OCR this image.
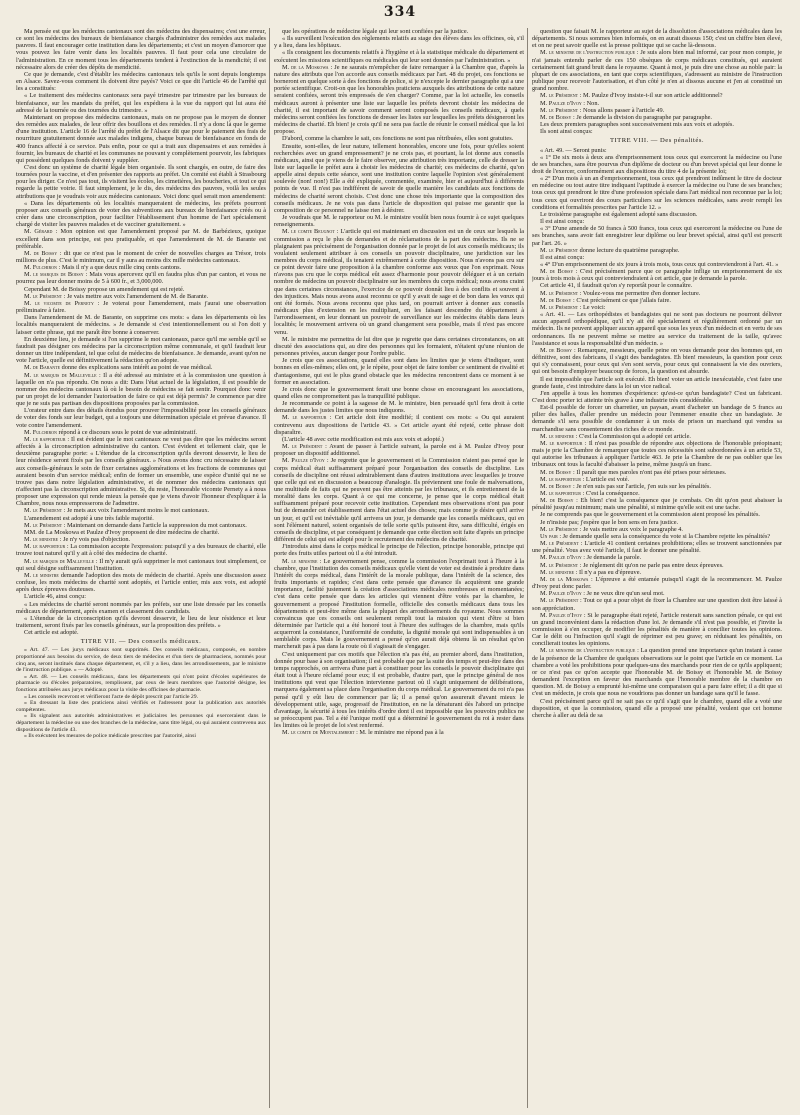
334

Ma pensée est que les médecins cantonaux sont des médecins des dispensaires; c'est une erreur, ce sont les médecins des bureaux de bienfaisance chargés d'administrer des remèdes aux malades pauvres. Il faut encourager cette institution dans les départements; et c'est un moyen d'amorcer que vous pouvez les faire venir dans les localités pauvres. Il faut pour cela une circulaire de l'administration. En ce moment tous les départements tendent à l'extinction de la mendicité; il est nécessaire alors de créer des dépôts de mendicité.

Ce que je demande, c'est d'établir les médecins cantonaux tels qu'ils le sont depuis longtemps en Alsace. Savez-vous comment ils doivent être payés? Voici ce que dit l'article 46 de l'arrêté qui les a constitués:

« Le traitement des médecins cantonaux sera payé trimestre par trimestre par les bureaux de bienfaisance, sur les mandats du préfet, qui les expédiera à la vue du rapport qui lui aura été adressé de la tournée ou des tournées du trimestre. »

Maintenant on propose des médecins cantonaux, mais on ne propose pas le moyen de donner des remèdes aux malades, de leur offrir des bouillons et des remèdes. Il n'y a donc là que le germe d'une institution. L'article 16 de l'arrêté du préfet de l'Alsace dit que pour le paiement des frais de nourriture gratuitement donnée aux malades indigens, chaque bureau de bienfaisance en fonds de 400 francs affecté à ce service. Puis enfin, pour ce qui a trait aux dispensaires et aux remèdes à fournir, les bureaux de charité et les communes ne pouvant y complètement pourvoir, les fabriques qui possèdent quelques fonds doivent y suppléer.

C'est donc un système de charité légale bien organisée. Ils sont chargés, en outre, de faire des tournées pour la vaccine, et d'en présenter des rapports au préfet. Un comité est établi à Strasbourg pour les diriger. Ce n'est pas tout, ils visitent les écoles, les cimetières, les boucheries, et tout ce qui regarde la petite voirie. Il faut simplement, je le dis, des médecins des pauvres, voilà les seules attributions que je voudrais voir aux médecins cantonaux. Voici donc quel serait mon amendement:

« Dans les départements où les localités manqueraient de médecins, les préfets pourront proposer aux conseils généraux de voter des subventions aux bureaux de bienfaisance créés ou à créer dans une circonscription, pour faciliter l'établissement d'un homme de l'art spécialement chargé de visiter les pauvres malades et de vacciner gratuitement. »

M. Gérard : Mon opinion est que l'amendement proposé par M. de Barbézieux, quoique excellent dans son principe, est peu pratiquable, et que l'amendement de M. de Barante est préférable.

M. de Boissy : dit que ce n'est pas le moment de créer de nouvelles charges au Trésor, trois millions de plus. C'est le minimum, car il y aura au moins dix mille médecins cantonaux.

M. Fulchiron : Mais il n'y a que deux mille cinq cents cantons.

M. le marquis de Boissy : Mais vous apercevez qu'il en faudra plus d'un par canton, et vous ne pourrez pas leur donner moins de 5 à 600 fr., et 3,000,000.

Cependant M. de Boissy propose un amendement qui est rejeté.

M. le Président : Je vais mettre aux voix l'amendement de M. de Barante.

M. le vicomte de Pernety : Je voterai pour l'amendement, mais j'aurai une observation préliminaire à faire.

Dans l'amendement de M. de Barante, on supprime ces mots: « dans les départements où les localités manqueraient de médecins. » Je demande si c'est intentionnellement ou si l'on doit y laisser cette phrase, qui me paraît être bonne à conserver.

En deuxième lieu, je demande si l'on supprime le mot cantonaux, parce qu'il me semble qu'il se faudrait pas désigner ces médecins par la circonscription même communale, et qu'il faudrait leur donner un titre indépendant, tel que celui de médecins de bienfaisance. Je demande, avant qu'on ne vote l'article, quelle est définitivement la rédaction qu'on adopte.

M. de Barante donne des explications sans intérêt au point de vue médical.

M. le marquis de Malleville : Il a été adressé au ministre et à la commission une question à laquelle on n'a pas répondu. On nous a dit: Dans l'état actuel de la législation, il est possible de nommer des médecins cantonaux là où le besoin de médecins se fait sentir. Pourquoi donc venir par un projet de loi demander l'autorisation de faire ce qui est déjà permis? Je commence par dire que je ne suis pas partisan des dispositions proposées par la commission.

L'orateur entre dans des détails étendus pour prouver l'impossibilité pour les conseils généraux de voter des fonds sur leur budget, qui a toujours une détermination spéciale et prévue d'avance. Il vote contre l'amendement.

M. Fulchiron répond à ce discours sous le point de vue administratif.

M. le rapporteur : Il est évident que le mot cantonaux ne veut pas dire que les médecins seront affectés à la circonscription administrative du canton. C'est évident et tellement clair, que le deuxième paragraphe porte: « L'étendue de la circonscription qu'ils devront desservir, le lieu de leur résidence seront fixés par les conseils généraux. » Nous avons donc cru nécessaire de laisser aux conseils-généraux le soin de fixer certaines agglomérations et les fractions de communes qui auraient besoin d'un service médical; enfin de former un ensemble, une espèce d'unité qui ne se trouve pas dans notre législation administrative, et de nommer des médecins cantonaux qui n'affectent pas la circonscription administrative. Si, du reste, l'honorable vicomte Pernety a à nous proposer une expression qui rende mieux la pensée que je viens d'avoir l'honneur d'expliquer à la Chambre, nous nous empresserons de l'admettre.

M. le Président : Je mets aux voix l'amendement moins le mot cantonaux.

L'amendement est adopté à une très faible majorité.

M. le Président : Maintenant on demande dans l'article la suppression du mot cantonaux.

MM. de La Moskowa et Paulze d'Ivoy proposent de dire médecins de charité.

M. le ministre : Je n'y vois pas d'objection.

M. le rapporteur : La commission accepte l'expression: puisqu'il y a des bureaux de charité, elle trouve tout naturel qu'il y ait à côté des médecins de charité.

M. le marquis de Malleville : Il m'y aurait qu'à supprimer le mot cantonaux tout simplement, ce qui seul désigne suffisamment l'institution.

M. le ministre demande l'adoption des mots de médecin de charité. Après une discussion assez confuse, les mots médecins de charité sont adoptés, et l'article entier, mis aux voix, est adopté après deux épreuves douteuses.

L'article 46, ainsi conçu:

« Les médecins de charité seront nommés par les préfets, sur une liste dressée par les conseils médicaux de département, après examen et classement des candidats.

« L'étendue de la circonscription qu'ils devront desservir, le lieu de leur résidence et leur traitement, seront fixés par les conseils généraux, sur la proposition des préfets. »

Cet article est adopté.

TITRE VII. — Des conseils médicaux.

« Art. 47. — Les jurys médicaux sont supprimés. Des conseils médicaux, composés, en nombre proportionné aux besoins du service, de deux tiers de médecins et d'un tiers de pharmaciens, nommés pour cinq ans, seront institués dans chaque département, et, s'il y a lieu, dans les arrondissements, par le ministre de l'instruction publique. » — Adopté.

« Art. 48. — Les conseils médicaux, dans les départements qui n'ont point d'écoles supérieures de pharmacie ou d'écoles préparatoires, remplissent, par ceux de leurs membres que l'autorité désigne, les fonctions attribuées aux jurys médicaux pour la visite des officines de pharmacie.

« Les conseils recevront et vérifieront l'acte de dépôt prescrit par l'article 29.

« En dressant la liste des praticiens ainsi vérifiés et l'adressent pour la publication aux autorités compétentes.

« Ils signalent aux autorités administratives et judiciaires les personnes qui exerceraient dans le département la médecine ou une des branches de la médecine, sans titre légal, ou qui auraient contrevenu aux dispositions de l'article 43.

« Ils exécutent les mesures de police médicale prescrites par l'autorité, ainsi

que les opérations de médecine légale qui leur sont confiées par la justice.

« Ils surveillent l'exécution des règlements relatifs au stage des élèves dans les officines, où, s'il y a lieu, dans les hôpitaux.

« Ils consignent les documents relatifs à l'hygiène et à la statistique médicale du département et exécutent les missions scientifiques ou médicales qui leur sont données par l'administration. »

M. de la Moskowa : Je ne saurais m'empêcher de faire remarquer à la Chambre que, d'après la nature des attributs que l'on accorde aux conseils médicaux par l'art. 48 du projet, ces fonctions se borneront en quelque sorte à des fonctions de police, si je n'excepte le dernier paragraphe qui a une portée scientifique. Croit-on que les honorables praticiens auxquels des attributions de cette nature seraient confiées, seront très empressés de s'en charger? Comme, par la loi actuelle, les conseils médicaux auront à présenter une liste sur laquelle les préfets devront choisir les médecins de charité, il est important de savoir comment seront composés les conseils médicaux, à quels médecins seront confiées les fonctions de dresser les listes sur lesquelles les préfets désigneront les médecins de charité. Eh bien! je crois qu'il ne sera pas facile de réunir le conseil médical que la loi propose.

D'abord, comme la chambre le sait, ces fonctions ne sont pas rétribuées, elles sont gratuites.

Ensuite, sont-elles, de leur nature, tellement honorables, encore une fois, pour qu'elles soient recherchées avec un grand empressement? je ne crois pas, et pourtant, la loi donne aux conseils médicaux, ainsi que je viens de le faire observer, une attribution très importante, celle de dresser la liste sur laquelle le préfet aura à choisir les médecins de charité; ces médecins de charité, qu'on appelle ainsi depuis cette séance, sont une institution contre laquelle l'opinion s'est généralement soulevée (non! non!) Elle a été expliquée, commentée, examinée, hier et aujourd'hui à différents points de vue. Il n'est pas indifférent de savoir de quelle manière les candidats aux fonctions de médecins de charité seront choisis. C'est donc une chose très importante que la composition des conseils médicaux. Je ne vois pas dans l'article de disposition qui puisse me garantir que la composition de ce personnel ne laisse rien à désirer.

Je voudrais que M. le rapporteur ou M. le ministre voulût bien nous fournir à ce sujet quelques renseignements.

M. le comte Beugnot : L'article qui est maintenant en discussion est un de ceux sur lesquels la commission a reçu le plus de demandes et de réclamations de la part des médecins. Ils ne se plaignaient pas précisément de l'organisation donnée par le projet de loi aux conseils médicaux; ils voulaient seulement attribuer à ces conseils un pouvoir disciplinaire, une juridiction sur les membres du corps médical, ils tenaient extrêmement à cette disposition. Nous n'avons pas cru sur ce point devoir faire une proposition à la chambre conforme aux vœux que l'on exprimait. Nous n'avons pas cru que le corps médical eût assez d'harmonie pour pouvoir déléguer et à un certain nombre de médecins un pouvoir disciplinaire sur les membres du corps médical; nous avons craint que dans certaines circonstances, l'exercice de ce pouvoir donnât lieu à des conflits et souvent à des injustices. Mais nous avons aussi reconnu ce qu'il y avait de sage et de bon dans les vœux qui ont été formés. Nous avons reconnu que plus tard, on pourrait arriver à donner aux conseils médicaux plus d'extension en les multipliant, en les faisant descendre du département à l'arrondissement, en leur donnant un pouvoir de surveillance sur les médecins établis dans leurs localités; le mouvement arrivera où un grand changement sera possible, mais il n'est pas encore venu.

M. le ministre me permettra de lui dire que je regrette que dans certaines circonstances, on ait discuté des associations qui, au dire des personnes qui les formaient, n'étaient qu'une réunion de personnes privées, aucun danger pour l'ordre public.

Je crois que ces associations, quand elles sont dans les limites que je viens d'indiquer, sont bonnes en elles-mêmes; elles ont, je le répète, pour objet de faire tomber ce sentiment de rivalité et d'antagonisme, qui est le plus grand obstacle que les médecins rencontrent dans ce moment à se former en association.

Je crois donc que le gouvernement ferait une bonne chose en encourageant les associations, quand elles ne compromettent pas la tranquillité publique.

Je recommande ce point à la sagesse de M. le ministre, bien persuadé qu'il fera droit à cette demande dans les justes limites que nous indiquons.

M. le rapporteur : Cet article doit être modifié; il contient ces mots: « Ou qui auraient contrevenu aux dispositions de l'article 43. » Cet article ayant été rejeté, cette phrase doit disparaître.

(L'article 48 avec cette modification est mis aux voix et adopté.)

M. le Président : Avant de passer à l'article suivant, la parole est à M. Paulze d'Ivoy pour proposer un dispositif additionnel.

M. Paulze d'Ivoy : Je regrette que le gouvernement et la Commission n'aient pas pensé que le corps médical était suffisamment préparé pour l'organisation des conseils de discipline. Les conseils de discipline ont réussi admirablement dans d'autres institutions avec lesquelles je trouve que celle qui est en discussion a beaucoup d'analogie. Ils préviennent une foule de malversations, une multitude de faits qui ne peuvent pas être atteints par les tribunaux, et ils entretiennent de la moralité dans les corps. Quant à ce qui me concerne, je pense que le corps médical était suffisamment préparé pour recevoir cette institution. Cependant mes observations n'ont pas pour but de demander cet établissement dans l'état actuel des choses; mais comme je désire qu'il arrive un jour, et qu'il est inévitable qu'il arrivera un jour, je demande que les conseils médicaux, qui en sont l'élément naturel, soient organisés de telle sorte qu'ils puissent être, sans difficulté, érigés en conseils de discipline, et par conséquent je demande que cette élection soit faite d'après un principe différent de celui qui est adopté pour le recrutement des médecins de charité.

J'introduis ainsi dans le corps médical le principe de l'élection, principe honorable, principe qui porte des fruits utiles partout où il a été introduit.

M. le ministre : Le gouvernement pense, comme la commission l'exprimait tout à l'heure à la chambre, que l'institution des conseils médicaux qu'elle vient de voter est destinée à produire dans l'intérêt du corps médical, dans l'intérêt de la morale publique, dans l'intérêt de la science, des fruits importants et rapides; c'est dans cette pensée que d'avance ils acquièrent une grande importance, facilité justement la création d'associations médicales nombreuses et momentanées; c'est dans cette pensée que dans les articles qui viennent d'être votés par la chambre, le gouvernement a proposé l'institution formelle, officielle des conseils médicaux dans tous les départements et peut-être même dans la plupart des arrondissements du royaume. Nous sommes convaincus que ces conseils ont seulement rempli tout la mission qui vient d'être si bien déterminée par l'article qui a été honoré tout à l'heure des suffrages de la chambre, mais qu'ils acquerront la consistance, l'uniformité de conduite, la dignité morale qui sont indispensables à un semblable corps. Mais le gouvernement a pensé qu'on aurait déjà obtenu là un résultat qu'on marcherait pas à pas dans la route où il s'agissait de s'engager.

C'est uniquement par ces motifs que l'élection n'a pas été, au premier abord, dans l'institution, donnée pour base à son organisation; il est probable que par la suite des temps et peut-être dans des temps rapprochés, on arrivera d'une part à constituer pour les conseils le pouvoir disciplinaire qui était tout à l'heure réclamé pour eux; il est probable, d'autre part, que le principe général de nos institutions qui veut que l'élection intervienne partout où il s'agit uniquement de délibérations, marquera également sa place dans l'organisation du corps médical. Le gouvernement du roi n'a pas pensé qu'il y eût lieu de commencer par là; il a pensé qu'on assurerait d'avant mieux le développement utile, sage, progressif de l'institution, en ne la dénaturant dès l'abord un principe d'avantage, la sécurité à tous les intérêts d'ordre dont il est impossible que les pouvoirs publics ne se préoccupent pas. Tel a été l'unique motif qui a déterminé le gouvernement du roi à rester dans les limites où le projet de loi s'est renfermé.

M. le comte de Montalembert : M. le ministre me répond pas à la

question que faisait M. le rapporteur au sujet de la dissolution d'associations médicales dans les départements. Si nous sommes bien informés, on en aurait dissous 150; c'est un chiffre bien élevé, et on ne peut savoir quelle est la presse politique qui se cache là-dessous.

M. le ministre de l'instruction publique : Je suis alors bien mal informé, car pour mon compte, je n'ai jamais entendu parler de ces 150 obsèques de corps médicaux constitués, qui auraient certainement fait grand bruit dans le royaume. Quant à moi, je puis dire une chose au noble pair: la plupart de ces associations, en tant que corps scientifiques, s'adressent au ministre de l'instruction publique pour recevoir l'autorisation, et d'un côté je n'en ai dissous aucune et j'en ai constitué un grand nombre.

M. le Président : M. Paulze d'Ivoy insiste-t-il sur son article additionnel?

M. Paulze d'Ivoy : Non.

M. le Président : Nous allons passer à l'article 49.

M. de Boissy : Je demande la division du paragraphe par paragraphe.

Les deux premiers paragraphes sont successivement mis aux voix et adoptés.

Ils sont ainsi conçus:

TITRE VIII. — Des pénalités.

« Art. 49. — Seront punis:

« 1° De six mois à deux ans d'emprisonnement tous ceux qui exerceront la médecine ou l'une de ses branches, sans être pourvus d'un diplôme de docteur ou d'un brevet spécial qui leur donne le droit de l'exercer, conformément aux dispositions du titre 4 de la présente loi;

« 2° D'un mois à un an d'emprisonnement, tous ceux qui prendront indûment le titre de docteur en médecine ou tout autre titre indiquant l'aptitude à exercer la médecine ou l'une de ses branches; tous ceux qui prendront le titre d'une profession spéciale dans l'art médical non reconnue par la loi; tous ceux qui ouvriront des cours particuliers sur les sciences médicales, sans avoir rempli les conditions et formalités prescrites par l'article 12. »

Le troisième paragraphe est également adopté sans discussion.

Il est ainsi conçu:

« 3° D'une amende de 50 francs à 500 francs, tous ceux qui exerceront la médecine ou l'une de ses branches, sans avoir fait enregistrer leur diplôme ou leur brevet spécial, ainsi qu'il est prescrit par l'art. 26. »

M. le Président donne lecture du quatrième paragraphe.

Il est ainsi conçu:

« 4° D'un emprisonnement de six jours à trois mois, tous ceux qui contreviendront à l'art. 41. »

M. de Boissy : C'est précisément parce que ce paragraphe inflige un emprisonnement de six jours à trois mois à ceux qui contreviendraient à cet article, que je demande la parole.

Cet article 41, il faudrait qu'on s'y reportât pour le connaître.

M. le Président : Voulez-vous me permettre d'en donner lecture.

M. de Boissy : C'est précisément ce que j'allais faire.

M. le Président : Le voici:

« Art. 41. — Les orthopédistes et bandagistes qui ne sont pas docteurs ne pourront délivrer aucun appareil orthopédique, qu'il n'y ait été spécialement et régulièrement ordonné par un médecin. Ils ne peuvent appliquer aucun appareil que sous les yeux d'un médecin et en vertu de ses ordonnances. Ils ne peuvent même se mettre au service du traitement de la taille, qu'avec l'assistance et sous la responsabilité d'un médecin. »

M. de Boissy : Remarquez, messieurs, quelle peine on vous demande pour des hommes qui, en définitive, sont des fabricans, il s'agit des bandagistes. Eh bien! messieurs, la question pour ceux qui s'y connaissent, pour ceux qui s'en sont servis, pour ceux qui connaissent la vie des ouvriers, qui ont besoin d'employer beaucoup de forces, la question est absurde.

Il est impossible que l'article soit exécuté. Eh bien! voter un article inexécutable, c'est faire une grande faute, c'est introduire dans la loi un vice radical.

J'en appelle à tous les hommes d'expérience: qu'est-ce qu'un bandagiste? C'est un fabricant. C'est donc porter ici atteinte très grave à une industrie très considérable.

Est-il possible de forcer un charretier, un paysan, avant d'acheter un bandage de 5 francs au pilier des halles, d'aller prendre un médecin pour l'emmener ensuite chez un bandagiste. Je demande s'il sera possible de condamner à un mois de prison un marchand qui vendra sa marchandise sans consentement des riches de ce monde.

M. le ministre : C'est la Commission qui a adopté cet article.

M. le rapporteur : Il n'est pas possible de répondre aux objections de l'honorable préopinant; mais je prie la Chambre de remarquer que toutes ces nécessités sont subordonnées à un article 53, qui autorise les tribunaux à appliquer l'article 463. Je prie la Chambre de ne pas oublier que les tribunaux ont tous la faculté d'abaisser la peine, même jusqu'à un franc.

M. de Boissy : Il paraît que mes paroles n'ont pas été prises pour sérieuses.

M. le rapporteur : L'article est voté.

M. de Boissy : Je n'en suis pas sur l'article, j'en suis sur les pénalités.

M. le rapporteur : C'est la conséquence.

M. de Boissy : Eh bien! c'est la conséquence que je combats. On dit qu'on peut abaisser la pénalité jusqu'au minimum; mais une pénalité, si minime qu'elle soit est une tache.

Je ne comprends pas que le gouvernement et la commission aient proposé les pénalités.

Je n'insiste pas; j'espère que le bon sens en fera justice.

M. le Président : Je vais mettre aux voix le paragraphe 4.

Un pair : Je demande quelle sera la conséquence du vote si la Chambre rejette les pénalités?

M. le Président : L'article 41 contient certaines prohibitions; elles se trouvent sanctionnées par une pénalité. Vous avez voté l'article, il faut le donner une pénalité.

M. Paulze d'Ivoy : Je demande la parole.

M. le Président : Je réglement dit qu'on ne parle pas entre deux épreuves.

M. le ministre : Il n'y a pas eu d'épreuve.

M. de la Moskowa : L'épreuve a été entamée puisqu'il s'agit de la recommencer. M. Paulze d'Ivoy peut donc parler.

M. Paulze d'Ivoy : Je ne veux dire qu'un seul mot.

M. le Président : Tout ce qui a pour objet de fixer la Chambre sur une question doit être laissé à son appréciation.

M. Paulze d'Ivoy : Si le paragraphe était rejeté, l'article resterait sans sanction pénale, ce qui est un grand inconvénient dans la rédaction d'une loi. Je demande s'il n'est pas possible, et j'invite la commission à s'en occuper, de modifier les pénalités de manière à concilier toutes les opinions. Car le délit ou l'infraction qu'il s'agit de réprimer est peu grave; en réduisant les pénalités, on concilierait toutes les opinions.

M. le ministre de l'instruction publique : La question prend une importance qu'un instant à cause de la présence de la Chambre de quelques observations sur le point que l'article en ce moment. La chambre a voté les prohibitions pour quelques-uns des marchands pour rien de ce qu'ils appliquent; or ce n'est pas ce qu'on accepte que l'honorable M. de Boissy et l'honorable M. de Boissy demandent l'exception en faveur des marchands que l'honorable membre de la chambre en question. M. de Boissy a emprunté lui-même une comparaison qui a paru faire effet; il a dit que si c'est un médecin, je crois que nous ne voudrions pas donner un bandage sans qu'il le fasse.

C'est précisément parce qu'il ne sait pas ce qu'il s'agit que le chambre, quand elle a voté une disposition, et que la commission, quand elle a proposé une pénalité, veulent que cet homme cherche à aller au delà de sa
